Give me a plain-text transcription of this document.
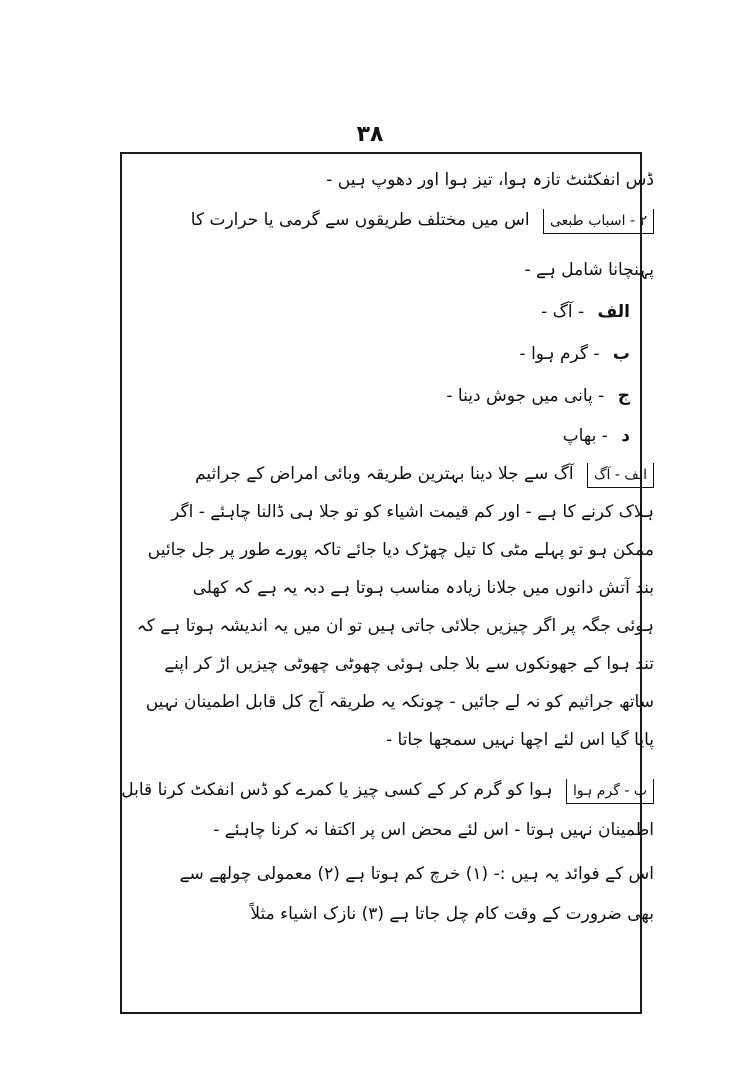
۳۸
ڈس انفکٹنٹ تازہ ہوا، تیز ہوا اور دھوپ ہیں -
۲ - اسباب طبعی اس میں مختلف طریقوں سے گرمی یا حرارت کا
پہنچانا شامل ہے -
الف - آگ -
ب - گرم ہوا -
ج - پانی میں جوش دینا -
د - بھاپ
الف - آگ آگ سے جلا دینا بہترین طریقہ وبائی امراض کے جراثیم
ہلاک کرنے کا ہے - اور کم قیمت اشیاء کو تو جلا ہی ڈالنا چاہئے - اگر
ممکن ہو تو پہلے مٹی کا تیل چھڑک دیا جائے تاکہ پورے طور پر جل جائیں
بند آتش دانوں میں جلانا زیادہ مناسب ہوتا ہے دبہ یہ ہے کہ کھلی
ہوئی جگہ پر اگر چیزیں جلائی جاتی ہیں تو ان میں یہ اندیشہ ہوتا ہے کہ
تند ہوا کے جھونکوں سے بلا جلی ہوئی چھوٹی چھوٹی چیزیں اڑ کر اپنے
ساتھ جراثیم کو نہ لے جائیں - چونکہ یہ طریقہ آج کل قابل اطمینان نہیں
پایا گیا اس لئے اچھا نہیں سمجھا جاتا -
ب - گرم ہوا ہوا کو گرم کر کے کسی چیز یا کمرے کو ڈس انفکٹ کرنا قابل
اطمینان نہیں ہوتا - اس لئے محض اس پر اکتفا نہ کرنا چاہئے -
اس کے فوائد یہ ہیں :- (۱) خرچ کم ہوتا ہے (۲) معمولی چولھے سے
بھی ضرورت کے وقت کام چل جاتا ہے (۳) نازک اشیاء مثلاً
